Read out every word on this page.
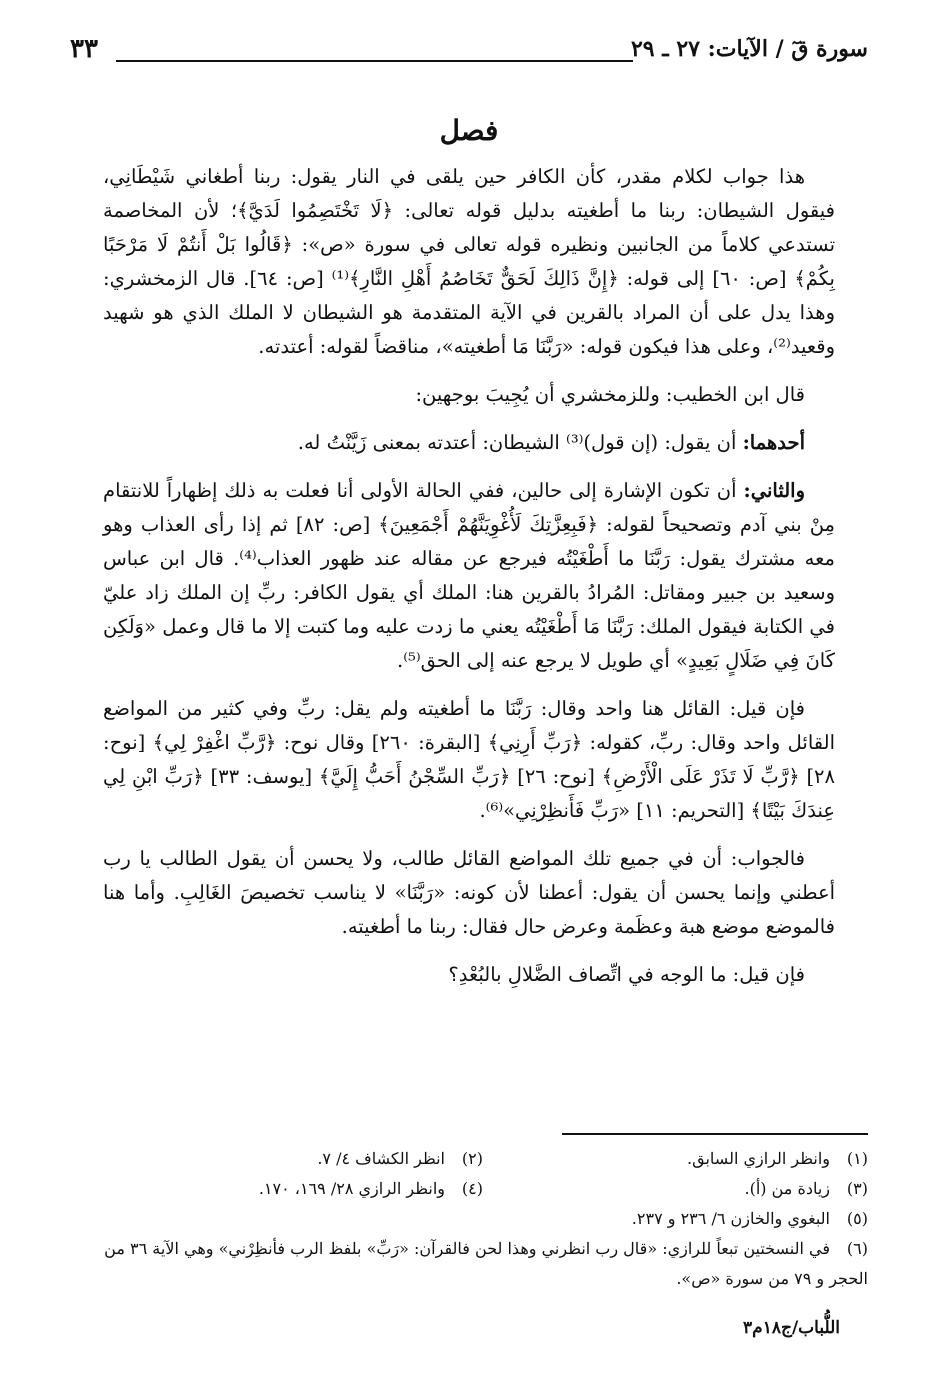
سورة قٓ / الآيات: ٢٧ ـ ٢٩
٣٣
فصل

هذا جواب لكلام مقدر، كأن الكافر حين يلقى في النار يقول: ربنا أطغاني شَيْطَانِي، فيقول الشيطان: ربنا ما أطغيته بدليل قوله تعالى: ﴿لَا تَخْتَصِمُوا لَدَيَّ﴾؛ لأن المخاصمة تستدعي كلاماً من الجانبين ونظيره قوله تعالى في سورة «ص»: ﴿قَالُوا بَلْ أَنتُمْ لَا مَرْحَبًا بِكُمْ﴾ [ص: ٦٠] إلى قوله: ﴿إِنَّ ذَالِكَ لَحَقٌّ تَخَاصُمُ أَهْلِ النَّارِ﴾⁽¹⁾ [ص: ٦٤]. قال الزمخشري: وهذا يدل على أن المراد بالقرين في الآية المتقدمة هو الشيطان لا الملك الذي هو شهيد وقعيد⁽²⁾، وعلى هذا فيكون قوله: «رَبَّنَا مَا أطغيته»، مناقضاً لقوله: أعتدته.

قال ابن الخطيب: وللزمخشري أن يُجِيبَ بوجهين:

أحدهما: أن يقول: (إن قول)⁽³⁾ الشيطان: أعتدته بمعنى زَيَّنْتُ له.

والثاني: أن تكون الإشارة إلى حالين، ففي الحالة الأولى أنا فعلت به ذلك إظهاراً للانتقام مِنْ بني آدم وتصحيحاً لقوله: ﴿فَبِعِزَّتِكَ لَأُغْوِيَنَّهُمْ أَجْمَعِينَ﴾ [ص: ٨٢] ثم إذا رأى العذاب وهو معه مشترك يقول: رَبَّنَا ما أَطْغَيْتُه فيرجع عن مقاله عند ظهور العذاب⁽⁴⁾. قال ابن عباس وسعيد بن جبير ومقاتل: المُرادُ بالقرين هنا: الملك أي يقول الكافر: ربِّ إن الملك زاد عليّ في الكتابة فيقول الملك: رَبَّنَا مَا أَطْغَيْتُه يعني ما زدت عليه وما كتبت إلا ما قال وعمل «وَلَكِن كَانَ فِي ضَلَالٍ بَعِيدٍ» أي طويل لا يرجع عنه إلى الحق⁽⁵⁾.

فإن قيل: القائل هنا واحد وقال: رَبَّنَا ما أطغيته ولم يقل: ربِّ وفي كثير من المواضع القائل واحد وقال: ربِّ، كقوله: ﴿رَبِّ أَرِنِي﴾ [البقرة: ٢٦٠] وقال نوح: ﴿رَّبِّ اغْفِرْ لِي﴾ [نوح: ٢٨] ﴿رَّبِّ لَا تَذَرْ عَلَى الْأَرْضِ﴾ [نوح: ٢٦] ﴿رَبِّ السِّجْنُ أَحَبُّ إِلَيَّ﴾ [يوسف: ٣٣] ﴿رَبِّ ابْنِ لِي عِندَكَ بَيْتًا﴾ [التحريم: ١١] «رَبِّ فَأَنظِرْنِي»⁽⁶⁾.

فالجواب: أن في جميع تلك المواضع القائل طالب، ولا يحسن أن يقول الطالب يا رب أعطني وإنما يحسن أن يقول: أعطنا لأن كونه: «رَبَّنَا» لا يناسب تخصيصَ الغَالِبِ. وأما هنا فالموضع موضع هبة وعظَمة وعرض حال فقال: ربنا ما أطغيته.

فإن قيل: ما الوجه في اتِّصاف الضَّلالِ بالبُعْدِ؟

(١)وانظر الرازي السابق.
(٢)انظر الكشاف ٤/ ٧.
(٣)زيادة من (أ).
(٤)وانظر الرازي ٢٨/ ١٦٩، ١٧٠.
(٥)البغوي والخازن ٦/ ٢٣٦ و ٢٣٧.
(٦)في النسختين تبعاً للرازي: «قال رب انظرني وهذا لحن فالقرآن: «رَبِّ» بلفظ الرب فأنظِرْني» وهي الآية ٣٦ من الحجر و ٧٩ من سورة «ص».
اللُّباب/ج١٨م٣
